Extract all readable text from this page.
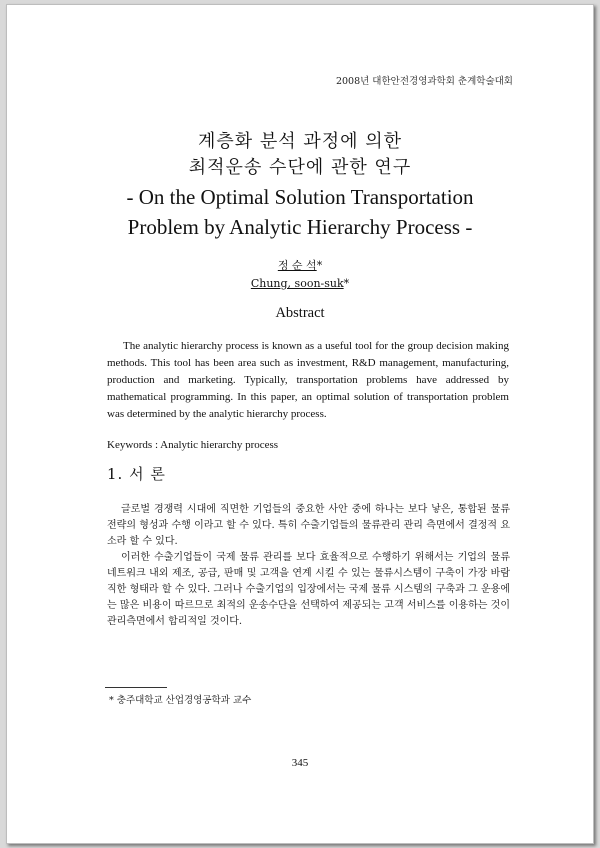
2008년 대한안전경영과학회 춘계학술대회
계층화 분석 과정에 의한
최적운송 수단에 관한 연구
- On the Optimal Solution Transportation
Problem by Analytic Hierarchy Process -
정 순 석*
Chung, soon-suk*
Abstract

The analytic hierarchy process is known as a useful tool for the group decision making methods. This tool has been area such as investment, R&D management, manufacturing, production and marketing. Typically, transportation problems have addressed by mathematical programming. In this paper, an optimal solution of transportation problem was determined by the analytic hierarchy process.

Keywords : Analytic hierarchy process
1. 서 론

글로벌 경쟁력 시대에 직면한 기업들의 중요한 사안 중에 하나는 보다 낳은, 통합된 물류전략의 형성과 수행 이라고 할 수 있다. 특히 수출기업들의 물류관리 관리 측면에서 결정적 요소라 할 수 있다.

이러한 수출기업들이 국제 물류 관리를 보다 효율적으로 수행하기 위해서는 기업의 물류네트워크 내외 제조, 공급, 판매 및 고객을 연계 시킬 수 있는 물류시스템이 구축이 가장 바람직한 형태라 할 수 있다. 그러나 수출기업의 입장에서는 국제 물류 시스템의 구축과 그 운용에는 많은 비용이 따르므로 최적의 운송수단을 선택하여 제공되는 고객 서비스를 이용하는 것이 관리측면에서 합리적일 것이다.

* 충주대학교 산업경영공학과 교수
345
